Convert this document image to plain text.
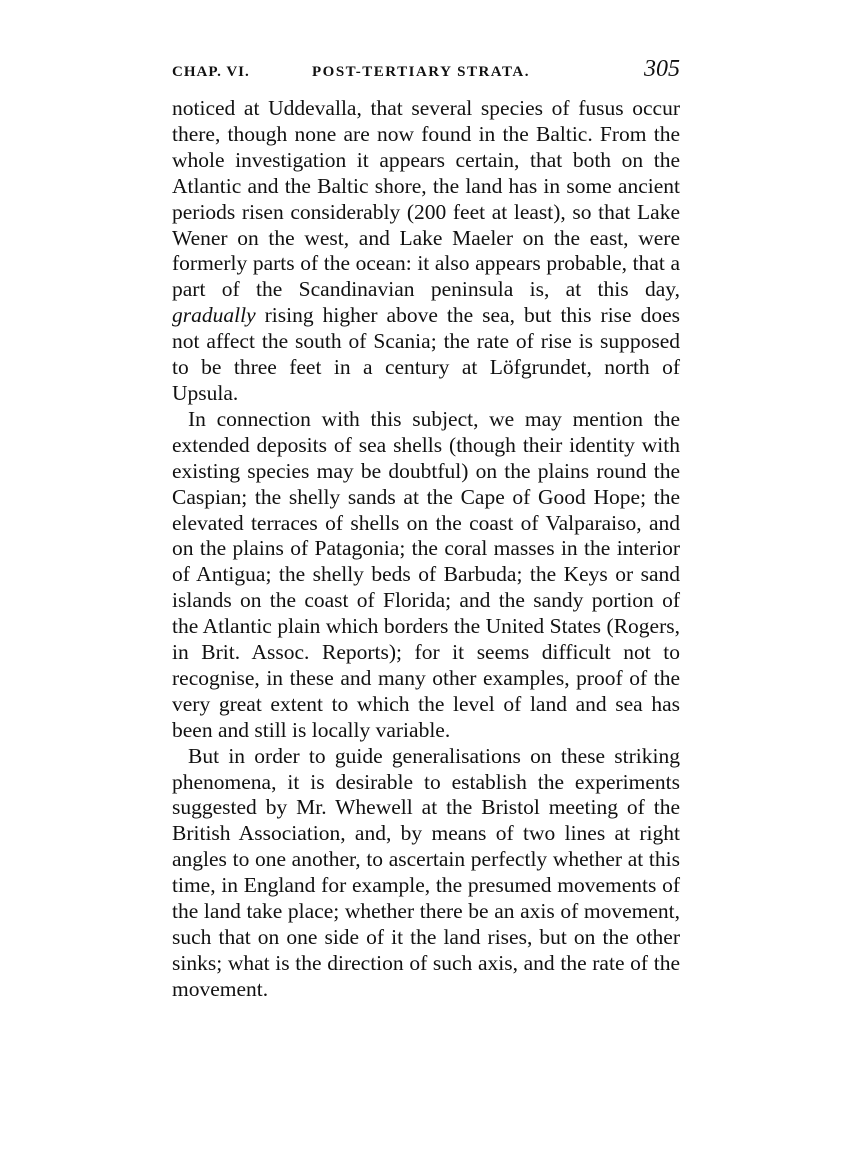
CHAP. VI.	POST-TERTIARY STRATA.	305

noticed at Uddevalla, that several species of fusus occur there, though none are now found in the Baltic. From the whole investigation it appears certain, that both on the Atlantic and the Baltic shore, the land has in some ancient periods risen considerably (200 feet at least), so that Lake Wener on the west, and Lake Maeler on the east, were formerly parts of the ocean: it also appears probable, that a part of the Scandinavian peninsula is, at this day, gradually rising higher above the sea, but this rise does not affect the south of Scania; the rate of rise is supposed to be three feet in a century at Löfgrundet, north of Upsula.

In connection with this subject, we may mention the extended deposits of sea shells (though their identity with existing species may be doubtful) on the plains round the Caspian; the shelly sands at the Cape of Good Hope; the elevated terraces of shells on the coast of Valparaiso, and on the plains of Patagonia; the coral masses in the interior of Antigua; the shelly beds of Barbuda; the Keys or sand islands on the coast of Florida; and the sandy portion of the Atlantic plain which borders the United States (Rogers, in Brit. Assoc. Reports); for it seems difficult not to recognise, in these and many other examples, proof of the very great extent to which the level of land and sea has been and still is locally variable.

But in order to guide generalisations on these striking phenomena, it is desirable to establish the experiments suggested by Mr. Whewell at the Bristol meeting of the British Association, and, by means of two lines at right angles to one another, to ascertain perfectly whether at this time, in England for example, the presumed movements of the land take place; whether there be an axis of movement, such that on one side of it the land rises, but on the other sinks; what is the direction of such axis, and the rate of the movement.
